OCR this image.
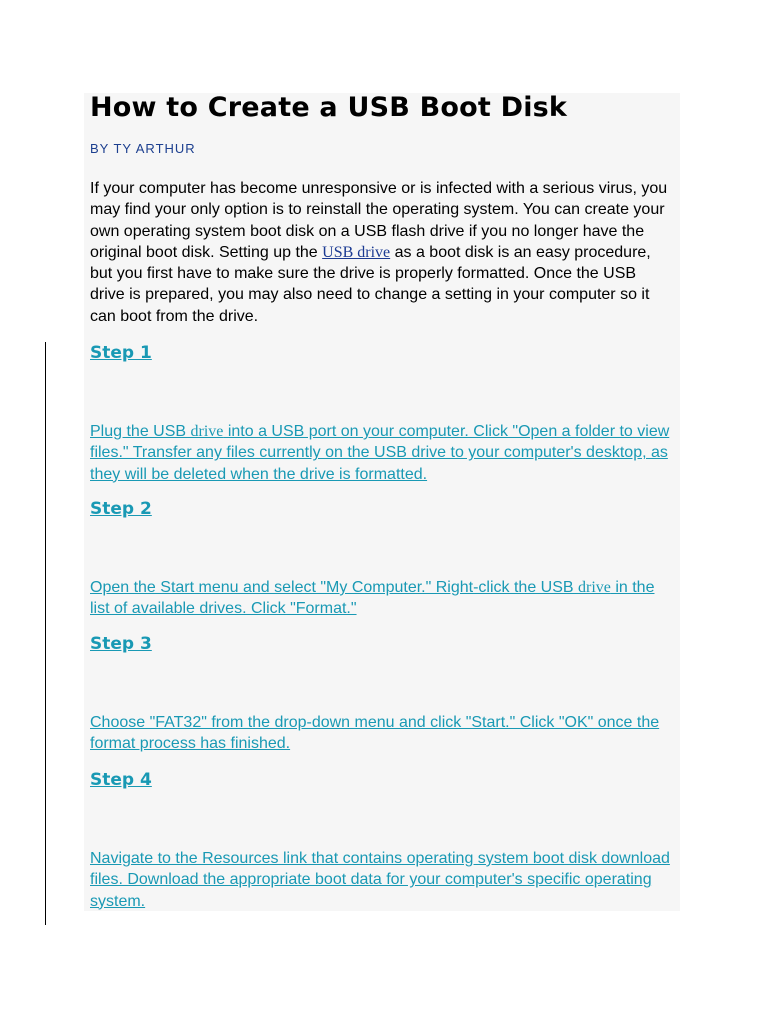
How to Create a USB Boot Disk
BY TY ARTHUR

If your computer has become unresponsive or is infected with a serious virus, you may find your only option is to reinstall the operating system. You can create your own operating system boot disk on a USB flash drive if you no longer have the original boot disk. Setting up the USB drive as a boot disk is an easy procedure, but you first have to make sure the drive is properly formatted. Once the USB drive is prepared, you may also need to change a setting in your computer so it can boot from the drive.

Step 1

Plug the USB drive into a USB port on your computer. Click "Open a folder to view files." Transfer any files currently on the USB drive to your computer's desktop, as they will be deleted when the drive is formatted.

Step 2

Open the Start menu and select "My Computer." Right-click the USB drive in the list of available drives. Click "Format."

Step 3

Choose "FAT32" from the drop-down menu and click "Start." Click "OK" once the format process has finished.

Step 4

Navigate to the Resources link that contains operating system boot disk download files. Download the appropriate boot data for your computer's specific operating system.
